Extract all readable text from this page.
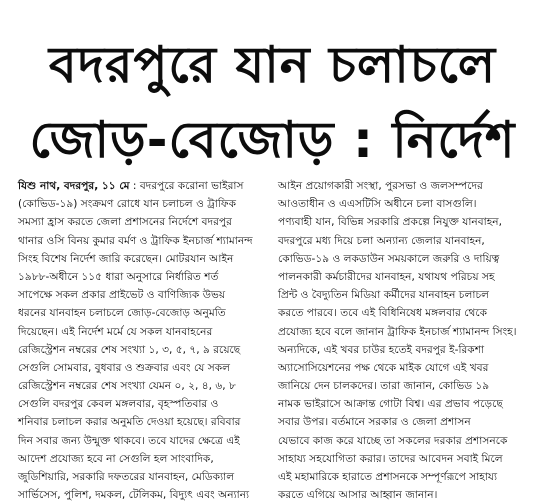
বদরপুরে যান চলাচলে
জোড়-বেজোড় : নির্দেশ
যিশু নাথ, বদরপুর, ১১ মে : বদরপুরে করোনা ভাইরাস
(কোভিড-১৯) সংক্রমণ রোধে যান চলাচল ও ট্রাফিক
সমস্যা হ্রাস করতে জেলা প্রশাসনের নির্দেশে বদরপুর
থানার ওসি বিনয় কুমার বর্মণ ও ট্রাফিক ইনচার্জ শ্যামানন্দ
সিংহ বিশেষ নির্দেশ জারি করেছেন। মোটরযান আইন
১৯৮৮-অধীনে ১১৫ ধারা অনুসারে নির্ধারিত শর্ত
সাপেক্ষে সকল প্রকার প্রাইভেট ও বাণিজ্যিক উভয়
ধরনের যানবাহন চলাচলে জোড়-বেজোড় অনুমতি
দিয়েছেন। এই নির্দেশ মর্মে যে সকল যানবাহনের
রেজিস্ট্রেশন নম্বরের শেষ সংখ্যা ১, ৩, ৫, ৭, ৯ রয়েছে
সেগুলি সোমবার, বুধবার ও শুক্রবার এবং যে সকল
রেজিস্ট্রেশন নম্বরের শেষ সংখ্যা যেমন ০, ২, ৪, ৬, ৮
সেগুলি বদরপুর কেবল মঙ্গলবার, বৃহস্পতিবার ও
শনিবার চলাচল করার অনুমতি দেওয়া হয়েছে। রবিবার
দিন সবার জন্য উন্মুক্ত থাকবে। তবে যাদের ক্ষেত্রে এই
আদেশ প্রযোজ্য হবে না সেগুলি হল সাংবাদিক,
জুডিশিয়ারি, সরকারি দফতরের যানবাহন, মেডিক্যাল
সার্ভিসেস, পুলিশ, দমকল, টেলিকম, বিদ্যুৎ এবং অন্যান্য
আইন প্রয়োগকারী সংস্থা, পুরসভা ও জলসম্পদের
আওতাধীন ও এএসটিসি অধীনে চলা বাসগুলি।
পণ্যবাহী যান, বিভিন্ন সরকারি প্রকল্পে নিযুক্ত যানবাহন,
বদরপুরে মধ্য দিয়ে চলা অন্যান্য জেলার যানবাহন,
কোভিড-১৯ ও লকডাউন সময়কালে জরুরি ও দায়িত্ব
পালনকারী কর্মচারীদের যানবাহন, যথাযথ পরিচয় সহ
প্রিন্ট ও বৈদ্যুতিন মিডিয়া কর্মীদের যানবাহন চলাচল
করতে পারবে। তবে এই বিধিনিষেধ মঙ্গলবার থেকে
প্রযোজ্য হবে বলে জানান ট্রাফিক ইনচার্জ শ্যামানন্দ সিংহ।
অন্যদিকে, এই খবর চাউর হতেই বদরপুর ই-রিকশা
অ্যাসোসিয়েশনের পক্ষ থেকে মাইক যোগে এই খবর
জানিয়ে দেন চালকদের। তারা জানান, কোভিড ১৯
নামক ভাইরাসে আক্রান্ত গোটা বিশ্ব। এর প্রভাব পড়েছে
সবার উপর। বর্তমানে সরকার ও জেলা প্রশাসন
যেভাবে কাজ করে যাচ্ছে তা সকলের দরকার প্রশাসনকে
সাহায্য সহযোগিতা করার। তাদের আবেদন সবাই মিলে
এই মহামারিকে হারাতে প্রশাসনকে সম্পূর্ণরূপে সাহায্য
করতে এগিয়ে আসার আহ্বান জানান।
